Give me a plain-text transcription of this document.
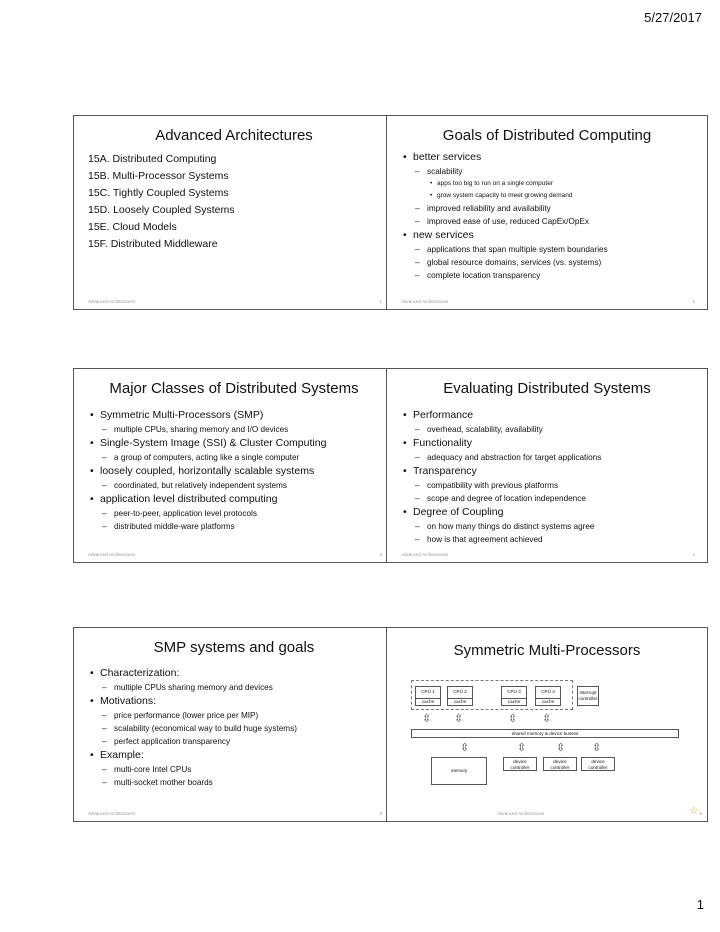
5/27/2017
Advanced Architectures
15A. Distributed Computing
15B. Multi-Processor Systems
15C. Tightly Coupled Systems
15D. Loosely Coupled Systems
15E. Cloud Models
15F. Distributed Middleware
Advanced Architectures	1
Goals of Distributed Computing
• better services
– scalability
• apps too big to run on a single computer
• grow system capacity to meet growing demand
– improved reliability and availability
– improved ease of use, reduced CapEx/OpEx
• new services
– applications that span multiple system boundaries
– global resource domains, services (vs. systems)
– complete location transparency
Advanced Architectures	2
Major Classes of Distributed Systems
• Symmetric Multi-Processors (SMP)
– multiple CPUs, sharing memory and I/O devices
• Single-System Image (SSI) & Cluster Computing
– a group of computers, acting like a single computer
• loosely coupled, horizontally scalable systems
– coordinated, but relatively independent systems
• application level distributed computing
– peer-to-peer, application level protocols
– distributed middle-ware platforms
Advanced Architectures	3
Evaluating Distributed Systems
• Performance
– overhead, scalability, availability
• Functionality
– adequacy and abstraction for target applications
• Transparency
– compatibility with previous platforms
– scope and degree of location independence
• Degree of Coupling
– on how many things do distinct systems agree
– how is that agreement achieved
Advanced Architectures	4
SMP systems and goals
• Characterization:
– multiple CPUs sharing memory and devices
• Motivations:
– price performance (lower price per MIP)
– scalability (economical way to build huge systems)
– perfect application transparency
• Example:
– multi-core Intel CPUs
– multi-socket mother boards
Advanced Architectures	5
Symmetric Multi-Processors
CPU 1
cache
CPU 2
cache
CPU 3
cache
CPU 4
cache
interrupt controller
⇳ ⇳	⇳ ⇳
shared memory & device busses
⇳	⇳	⇳ ⇳
memory
device controller
device controller
device controller
Advanced Architectures	☆ 6
1
